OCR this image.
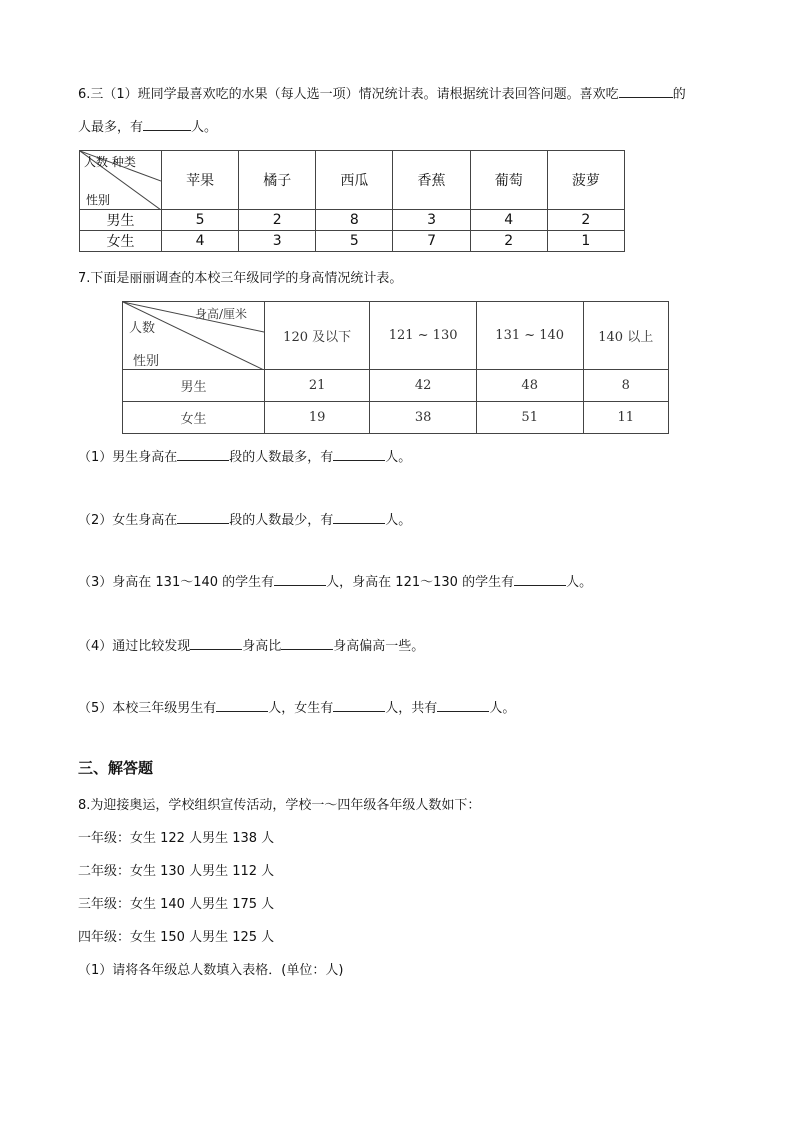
6.三（1）班同学最喜欢吃的水果（每人选一项）情况统计表。请根据统计表回答问题。喜欢吃	的
人最多，有	人。
人数 种类
性别	苹果	橘子	西瓜	香蕉	葡萄	菠萝
男生	5	2	8	3	4	2
女生	4	3	5	7	2	1
7.下面是丽丽调查的本校三年级同学的身高情况统计表。
身高/厘米
人数
性别	120 及以下	121 ~ 130	131 ~ 140	140 以上
男生	21	42	48	8
女生	19	38	51	11
（1）男生身高在	段的人数最多，有	人。
（2）女生身高在	段的人数最少，有	人。
（3）身高在 131～140 的学生有	人，身高在 121～130 的学生有	人。
（4）通过比较发现	身高比	身高偏高一些。
（5）本校三年级男生有	人，女生有	人，共有	人。
三、解答题
8.为迎接奥运，学校组织宣传活动，学校一～四年级各年级人数如下：
一年级：女生 122 人男生 138 人
二年级：女生 130 人男生 112 人
三年级：女生 140 人男生 175 人
四年级：女生 150 人男生 125 人
（1）请将各年级总人数填入表格．(单位：人)
